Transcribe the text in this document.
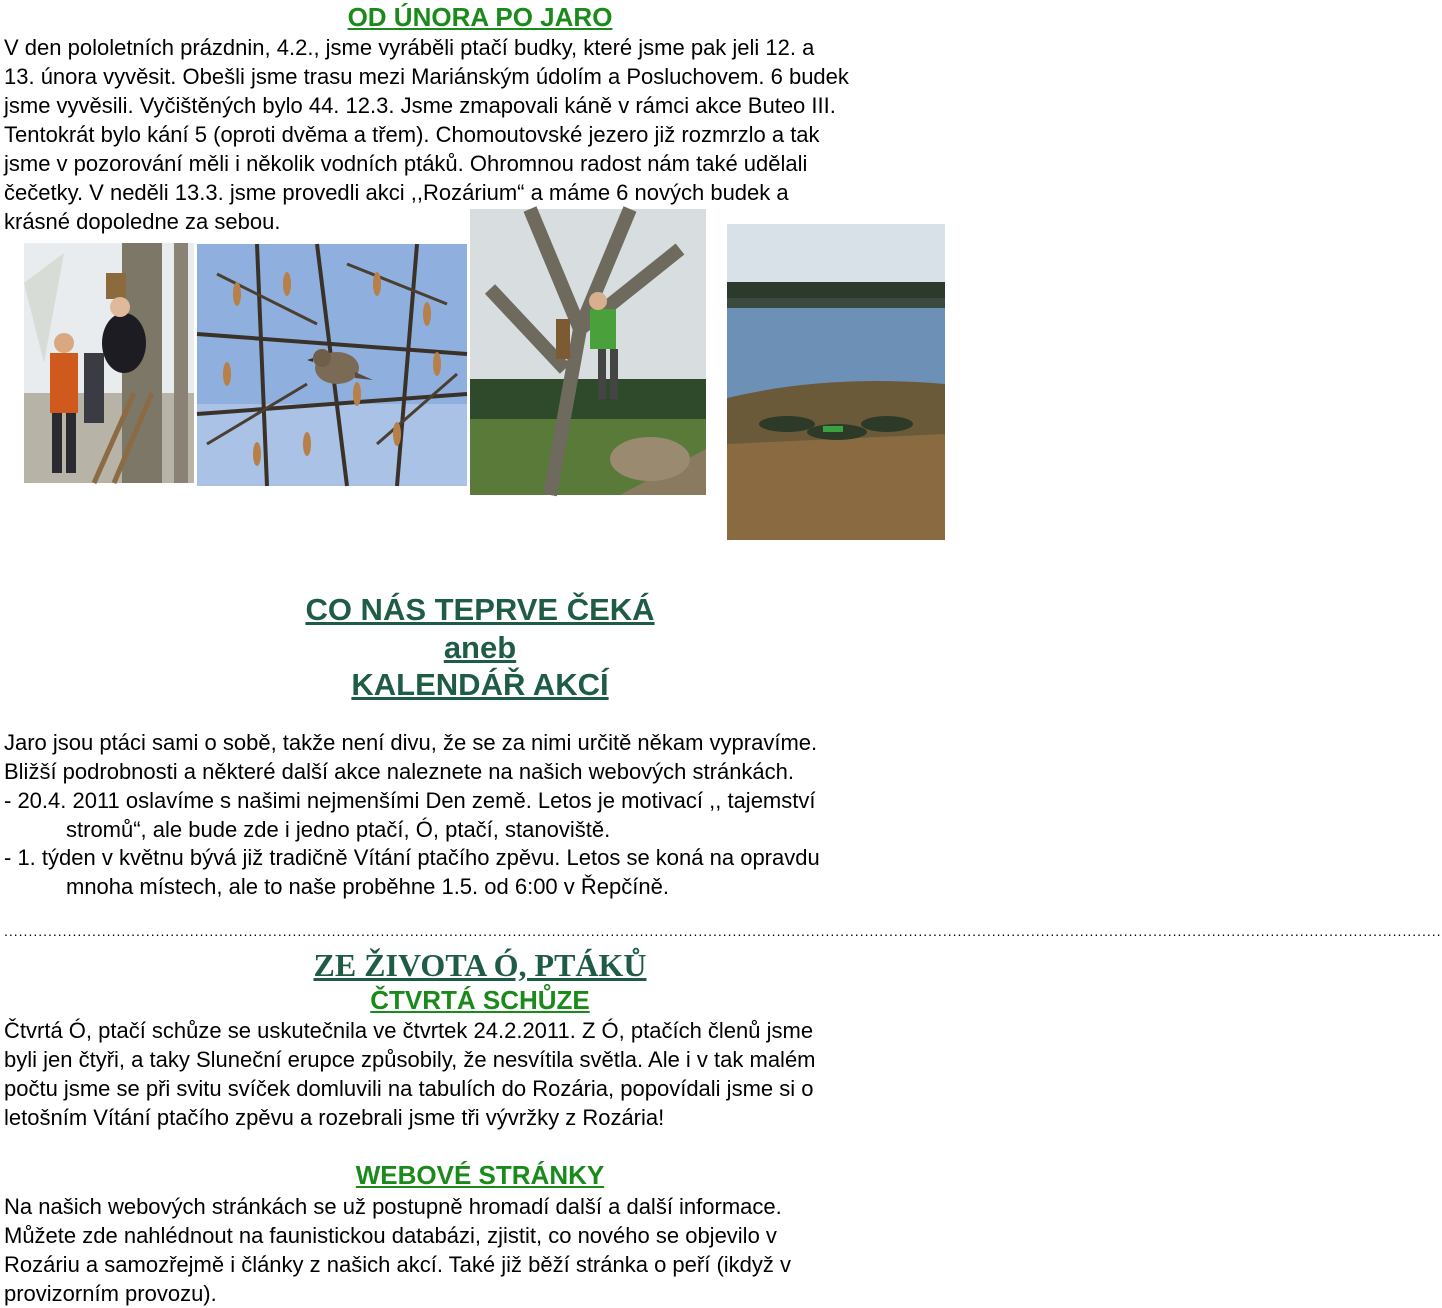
OD ÚNORA PO JARO
V den pololetních prázdnin, 4.2., jsme vyráběli ptačí budky, které jsme pak jeli 12. a
13. února vyvěsit. Obešli jsme trasu mezi Mariánským údolím a Posluchovem. 6 budek
jsme vyvěsili. Vyčištěných bylo 44. 12.3. Jsme zmapovali káně v rámci akce Buteo III.
Tentokrát bylo kání 5 (oproti dvěma a třem). Chomoutovské jezero již rozmrzlo a tak
jsme v pozorování měli i několik vodních ptáků. Ohromnou radost nám také udělali
čečetky. V neděli 13.3. jsme provedli akci ,,Rozárium“ a máme 6 nových budek a
krásné dopoledne za sebou.
CO NÁS TEPRVE ČEKÁ
aneb
KALENDÁŘ AKCÍ
Jaro jsou ptáci sami o sobě, takže není divu, že se za nimi určitě někam vypravíme.
Bližší podrobnosti a některé další akce naleznete na našich webových stránkách.
- 20.4. 2011 oslavíme s našimi nejmenšími Den země. Letos je motivací ,, tajemství
stromů“, ale bude zde i jedno ptačí, Ó, ptačí, stanoviště.
- 1. týden v květnu bývá již tradičně Vítání ptačího zpěvu. Letos se koná na opravdu
mnoha místech, ale to naše proběhne 1.5. od 6:00 v Řepčíně.
......................................................................................................................................................................................................................................................................................................
ZE ŽIVOTA Ó, PTÁKŮ
ČTVRTÁ SCHŮZE
Čtvrtá Ó, ptačí schůze se uskutečnila ve čtvrtek 24.2.2011. Z Ó, ptačích členů jsme
byli jen čtyři, a taky Sluneční erupce způsobily, že nesvítila světla. Ale i v tak malém
počtu jsme se při svitu svíček domluvili na tabulích do Rozária, popovídali jsme si o
letošním Vítání ptačího zpěvu a rozebrali jsme tři vývržky z Rozária!
WEBOVÉ STRÁNKY
Na našich webových stránkách se už postupně hromadí další a další informace.
Můžete zde nahlédnout na faunistickou databázi, zjistit, co nového se objevilo v
Rozáriu a samozřejmě i články z našich akcí. Také již běží stránka o peří (ikdyž v
provizorním provozu).
